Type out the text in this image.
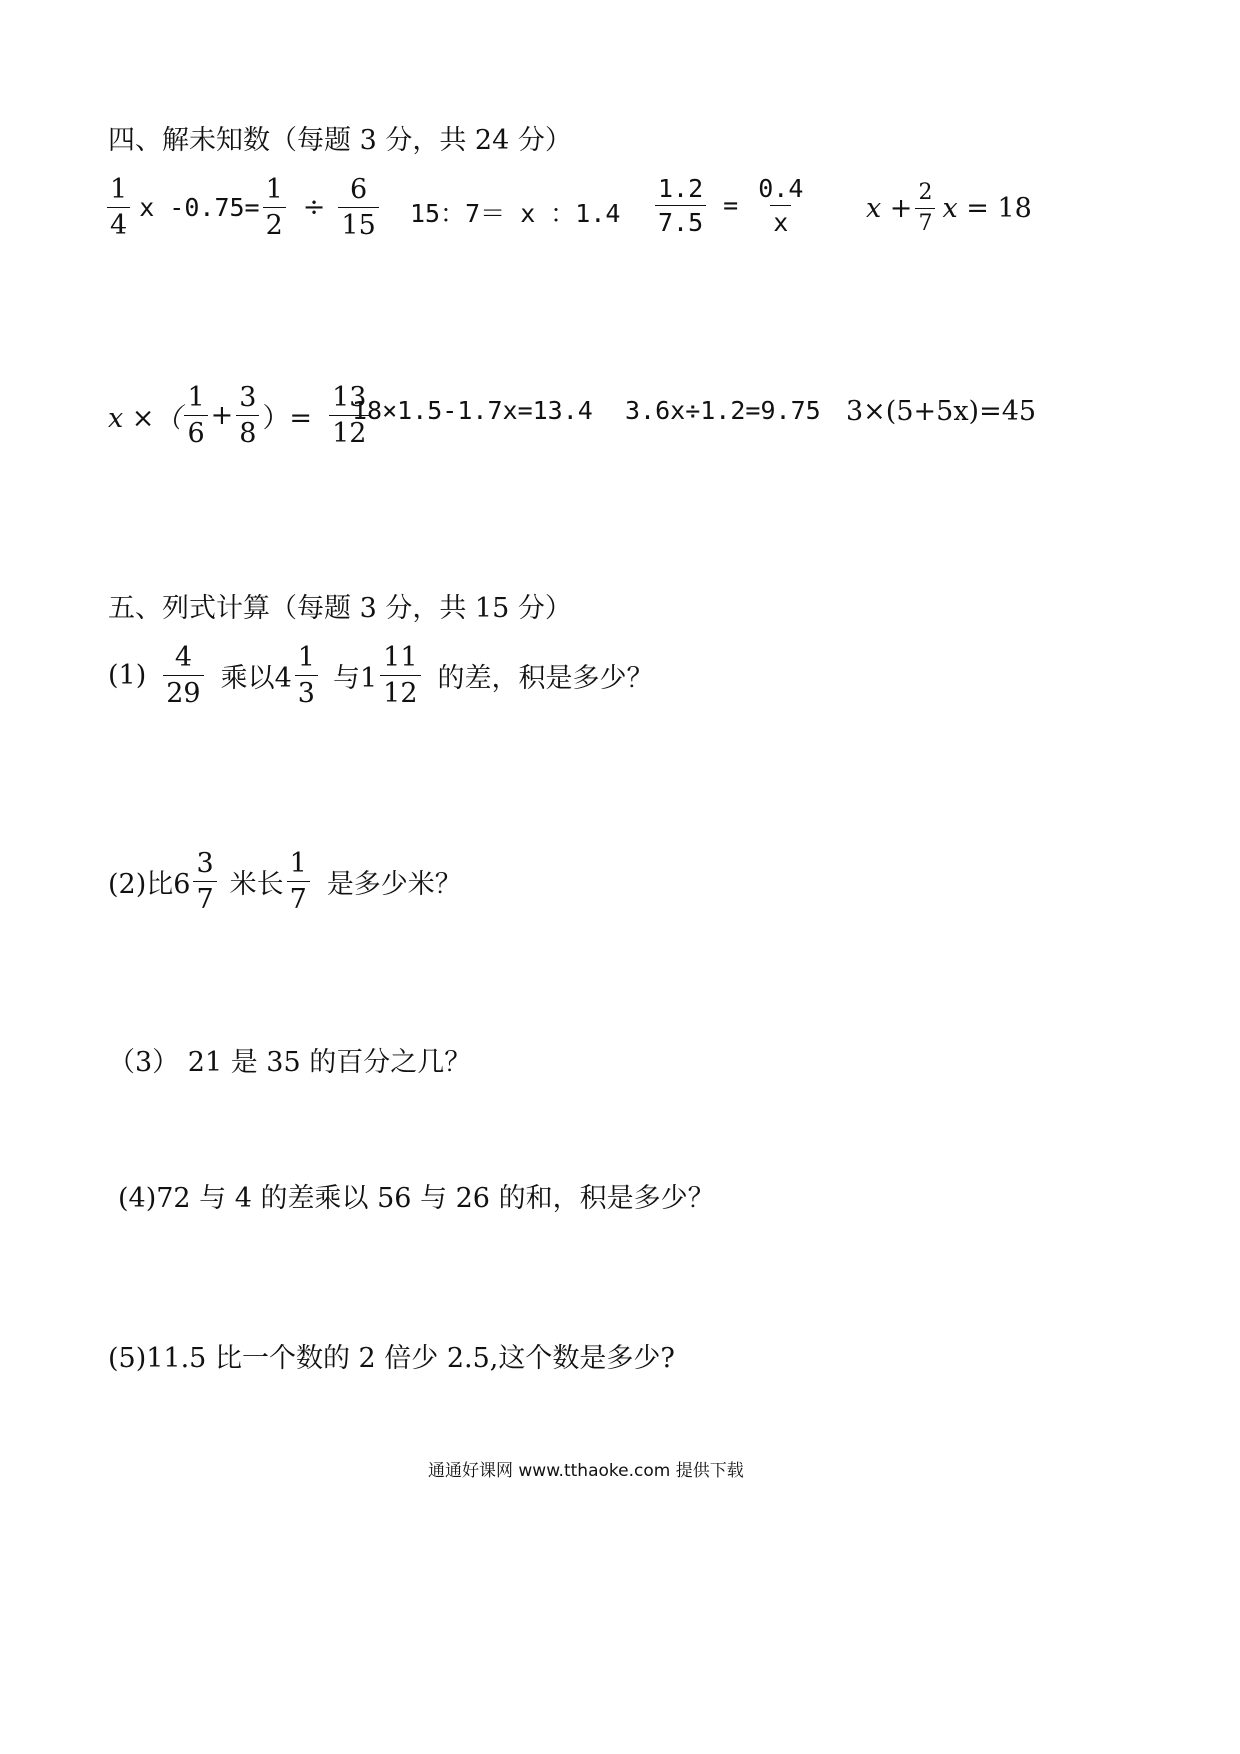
四、解未知数（每题 3 分，共 24 分）
$\frac{1}{4}$ x $-0.75= \frac{1}{2} \div \frac{6}{15} 15$：7＝ x ：$1.4 \frac{1.2}{7.5} = \frac{0.4}{x}$ $x + \frac{2}{7}$ x = 18
x ×（ $\frac{1}{6} + \frac{3}{8}$ ）= $\frac{13}{12}$
18×1.5-1.7x=13.4 3.6x÷1.2=9.75 3×(5+5x)=45
五、列式计算（每题 3 分，共 15 分）
$(1) \frac{4}{29}$ 乘以$4 \frac{1}{3}$ 与$1 \frac{11}{12}$ 的差，积是多少？
(2)比$6 \frac{3}{7}$ 米长 $\frac{1}{7}$ 是多少米？
（3） 21 是 35 的百分之几？
(4)72 与 4 的差乘以 56 与 26 的和，积是多少？
(5)11.5 比一个数的 2 倍少 2.5,这个数是多少?
通通好课网 www.tthaoke.com 提供下载
